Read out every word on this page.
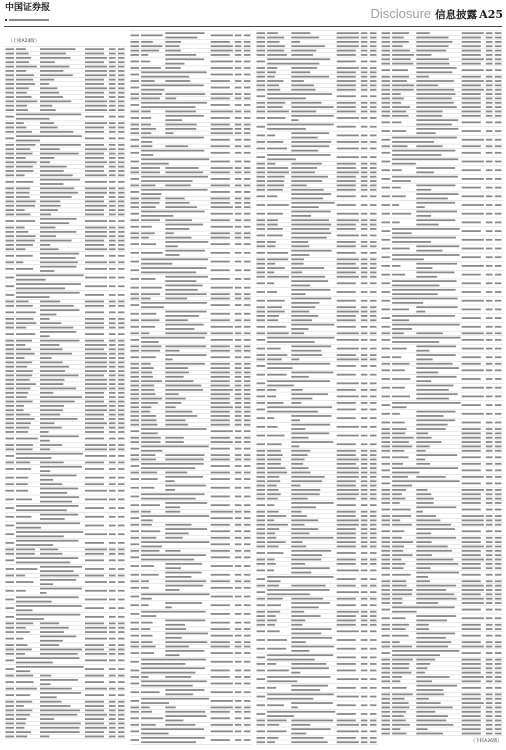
中国证券报	Disclosure 信息披露 A25
（上接A24版）
（下转A26版）
